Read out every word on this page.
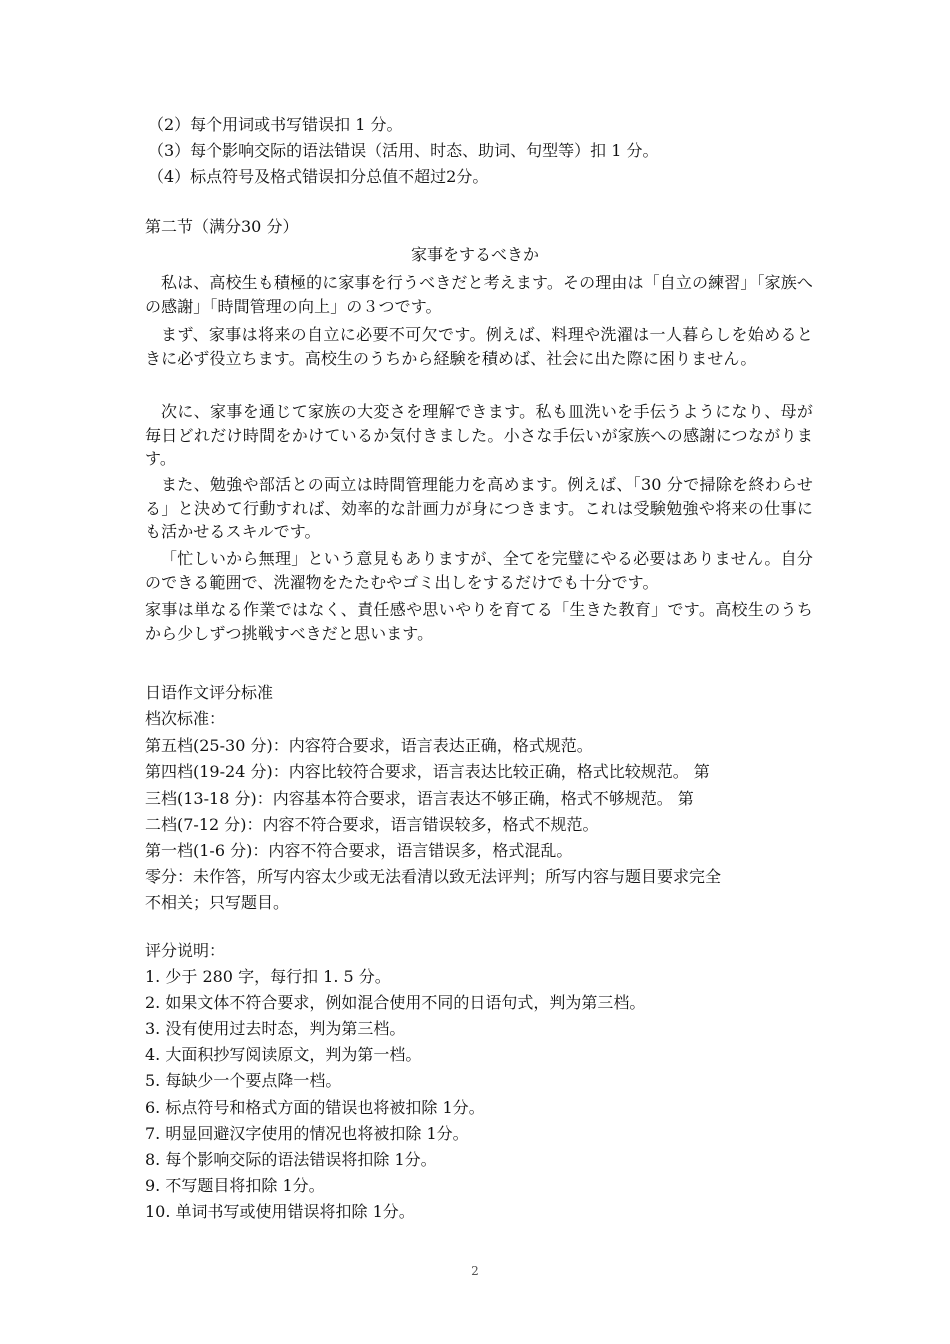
（2）每个用词或书写错误扣 1 分。
（3）每个影响交际的语法错误（活用、时态、助词、句型等）扣 1 分。
（4）标点符号及格式错误扣分总值不超过2分。
第二节（满分30 分）
家事をするべきか
私は、高校生も積極的に家事を行うべきだと考えます。その理由は「自立の練習」「家族への感謝」「時間管理の向上」の３つです。
まず、家事は将来の自立に必要不可欠です。例えば、料理や洗濯は一人暮らしを始めるときに必ず役立ちます。高校生のうちから経験を積めば、社会に出た際に困りません。
次に、家事を通じて家族の大変さを理解できます。私も皿洗いを手伝うようになり、母が毎日どれだけ時間をかけているか気付きました。小さな手伝いが家族への感謝につながります。
また、勉強や部活との両立は時間管理能力を高めます。例えば、「30 分で掃除を終わらせる」と決めて行動すれば、効率的な計画力が身につきます。これは受験勉強や将来の仕事にも活かせるスキルです。
「忙しいから無理」という意見もありますが、全てを完璧にやる必要はありません。自分のできる範囲で、洗濯物をたたむやゴミ出しをするだけでも十分です。
家事は単なる作業ではなく、責任感や思いやりを育てる「生きた教育」です。高校生のうちから少しずつ挑戦すべきだと思います。
日语作文评分标准
档次标准：
第五档(25-30 分)：内容符合要求，语言表达正确，格式规范。
第四档(19-24 分)：内容比较符合要求，语言表达比较正确，格式比较规范。 第
三档(13-18 分)：内容基本符合要求，语言表达不够正确，格式不够规范。 第
二档(7-12 分)：内容不符合要求，语言错误较多，格式不规范。
第一档(1-6 分)：内容不符合要求，语言错误多，格式混乱。
零分：未作答，所写内容太少或无法看清以致无法评判；所写内容与题目要求完全
不相关；只写题目。
评分说明：
1. 少于 280 字，每行扣 1. 5 分。
2. 如果文体不符合要求，例如混合使用不同的日语句式，判为第三档。
3. 没有使用过去时态，判为第三档。
4. 大面积抄写阅读原文，判为第一档。
5. 每缺少一个要点降一档。
6. 标点符号和格式方面的错误也将被扣除 1分。
7. 明显回避汉字使用的情况也将被扣除 1分。
8. 每个影响交际的语法错误将扣除 1分。
9. 不写题目将扣除 1分。
10. 单词书写或使用错误将扣除 1分。
2
